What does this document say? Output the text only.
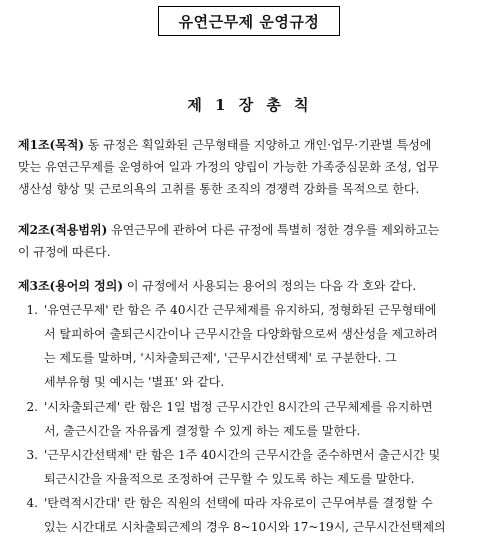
유연근무제 운영규정
제 1 장 총 칙
제1조(목적) 동 규정은 획일화된 근무형태를 지양하고 개인·업무·기관별 특성에
맞는 유연근무제를 운영하여 일과 가정의 양립이 가능한 가족중심문화 조성, 업무
생산성 향상 및 근로의욕의 고취를 통한 조직의 경쟁력 강화를 목적으로 한다.
제2조(적용범위) 유연근무에 관하여 다른 규정에 특별히 정한 경우를 제외하고는
이 규정에 따른다.
제3조(용어의 정의) 이 규정에서 사용되는 용어의 정의는 다음 각 호와 같다.
1. '유연근무제' 란 함은 주 40시간 근무체제를 유지하되, 정형화된 근무형태에
서 탈피하여 출퇴근시간이나 근무시간을 다양화함으로써 생산성을 제고하려
는 제도를 말하며, '시차출퇴근제', '근무시간선택제' 로 구분한다. 그
세부유형 및 예시는 '별표' 와 같다.
2. '시차출퇴근제' 란 함은 1일 법정 근무시간인 8시간의 근무체제를 유지하면
서, 출근시간을 자유롭게 결정할 수 있게 하는 제도를 말한다.
3. '근무시간선택제' 란 함은 1주 40시간의 근무시간을 준수하면서 출근시간 및
퇴근시간을 자율적으로 조정하여 근무할 수 있도록 하는 제도를 말한다.
4. '탄력적시간대' 란 함은 직원의 선택에 따라 자유로이 근무여부를 결정할 수
있는 시간대로 시차출퇴근제의 경우 8~10시와 17~19시, 근무시간선택제의
